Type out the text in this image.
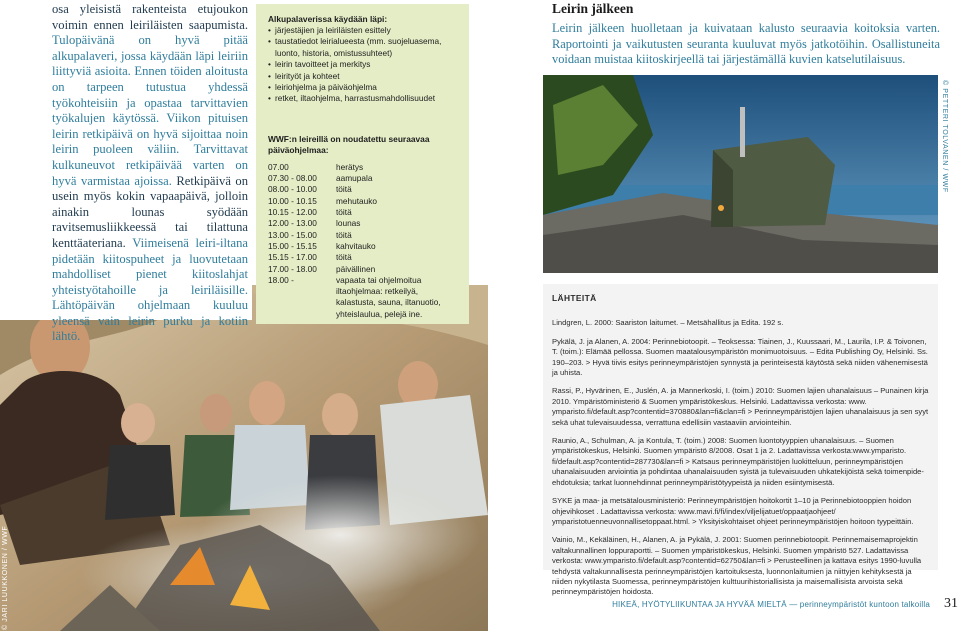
osa yleisistä rakenteista etujoukon voimin ennen leiriläisten saapumista. Tulopäivänä on hyvä pitää alkupalaveri, jossa käydään läpi leiriin liittyviä asioita. Ennen töiden aloitusta on tarpeen tutustua yhdessä työkohteisiin ja opastaa tarvittavien työkalujen käytössä. Viikon pituisen leirin retkipäivä on hyvä sijoittaa noin leirin puoleen väliin. Tarvittavat kulkuneuvot retkipäivää varten on hyvä varmistaa ajoissa. Retkipäivä on usein myös kokin vapaapäivä, jolloin ainakin lounas syödään ravitsemusliikkeessä tai tilattuna kenttäateriana. Viimeisenä leiri-iltana pidetään kiitospuheet ja luovutetaan mahdolliset pienet kiitoslahjat yhteistyötahoille ja leiriläisille. Lähtöpäivän ohjelmaan kuuluu yleensä vain leirin purku ja kotiin lähtö.

© JARI LUUKKONEN / WWF
Alkupalaverissa käydään läpi:
• järjestäjien ja leiriläisten esittely
• taustatiedot leirialueesta (mm. suojeluasema, luonto, historia, omistussuhteet)
• leirin tavoitteet ja merkitys
• leirityöt ja kohteet
• leiriohjelma ja päiväohjelma
• retket, iltaohjelma, harrastusmahdollisuudet
WWF:n leireillä on noudatettu seuraavaa päiväohjelmaa:
07.00	herätys
07.30 - 08.00	aamupala
08.00 - 10.00	töitä
10.00 - 10.15	mehutauko
10.15 - 12.00	töitä
12.00 - 13.00	lounas
13.00 - 15.00	töitä
15.00 - 15.15	kahvitauko
15.15 - 17.00	töitä
17.00 - 18.00	päivällinen
18.00 -	vapaata tai ohjelmoitua iltaohjelmaa: retkeilyä, kalastusta, sauna, iltanuotio, yhteislaulua, pelejä ine.
Leirin jälkeen

Leirin jälkeen huolletaan ja kuivataan kalusto seuraavia koitoksia varten. Raportointi ja vaikutusten seuranta kuuluvat myös jatkotöihin. Osallistuneita voidaan muistaa kiitoskirjeellä tai järjestämällä kuvien katselutilaisuus.

© PETTERI TOLVANEN / WWF
LÄHTEITÄ

Lindgren, L. 2000: Saariston laitumet. – Metsähallitus ja Edita. 192 s.

Pykälä, J. ja Alanen, A. 2004: Perinnebiotoopit. – Teoksessa: Tiainen, J., Kuussaari, M., Laurila, I.P. & Toivonen, T. (toim.): Elämää pellossa. Suomen maatalousympäristön monimuotoisuus. – Edita Publishing Oy, Helsinki. Ss. 190–203. > Hyvä tiivis esitys perinneympäristöjen synnystä ja perinteisestä käytöstä sekä niiden vähenemisestä ja uhista.

Rassi, P., Hyvärinen, E., Juslén, A. ja Mannerkoski, I. (toim.) 2010: Suomen lajien uhanalaisuus – Punainen kirja 2010. Ympäristöministeriö & Suomen ympäristökeskus. Helsinki. Ladattavissa verkosta: www. ymparisto.fi/default.asp?contentid=370880&lan=fi&clan=fi > Perinneympäristöjen lajien uhanalaisuus ja sen syyt sekä uhat tulevaisuudessa, verrattuna edellisiin vastaaviin arviointeihin.

Raunio, A., Schulman, A. ja Kontula, T. (toim.) 2008: Suomen luontotyyppien uhanalaisuus. – Suomen ympäristökeskus, Helsinki. Suomen ympäristö 8/2008. Osat 1 ja 2. Ladattavissa verkosta:www.ymparisto. fi/default.asp?contentid=287730&lan=fi > Katsaus perinneympäristöjen luokitteluun, perinneympäristöjen uhanalaisuuden arviointia ja pohdintaa uhanalaisuuden syistä ja tulevaisuuden uhkatekijöistä sekä toimenpide-ehdotuksia; tarkat luonnehdinnat perinneympäristötyypeistä ja niiden esiintymisestä.

SYKE ja maa- ja metsätalousministeriö: Perinneympäristöjen hoitokortit 1–10 ja Perinnebiotooppien hoidon ohjevihkoset . Ladattavissa verkosta: www.mavi.fi/fi/index/viljelijatuet/oppaatjaohjeet/ ymparistotuenneuvonnallisetoppaat.html. > Yksityiskohtaiset ohjeet perinneympäristöjen hoitoon tyypeittäin.

Vainio, M., Kekäläinen, H., Alanen, A. ja Pykälä, J. 2001: Suomen perinnebiotoopit. Perinnemaisemaprojektin valtakunnallinen loppuraportti. – Suomen ympäristökeskus, Helsinki. Suomen ympäristö 527. Ladattavissa verkosta: www.ymparisto.fi/default.asp?contentid=62750&lan=fi > Perusteellinen ja kattava esitys 1990-luvulla tehdystä valtakunnallisesta perinneympäristöjen kartoituksesta, luonnonlaitumien ja niittyjen kehityksestä ja niiden nykytilasta Suomessa, perinneympäristöjen kulttuurihistoriallisista ja maisemallisista arvoista sekä perinneympäristöjen hoidosta.

HIKEÄ, HYÖTYLIIKUNTAA JA HYVÄÄ MIELTÄ — perinneympäristöt kuntoon talkoilla 31
